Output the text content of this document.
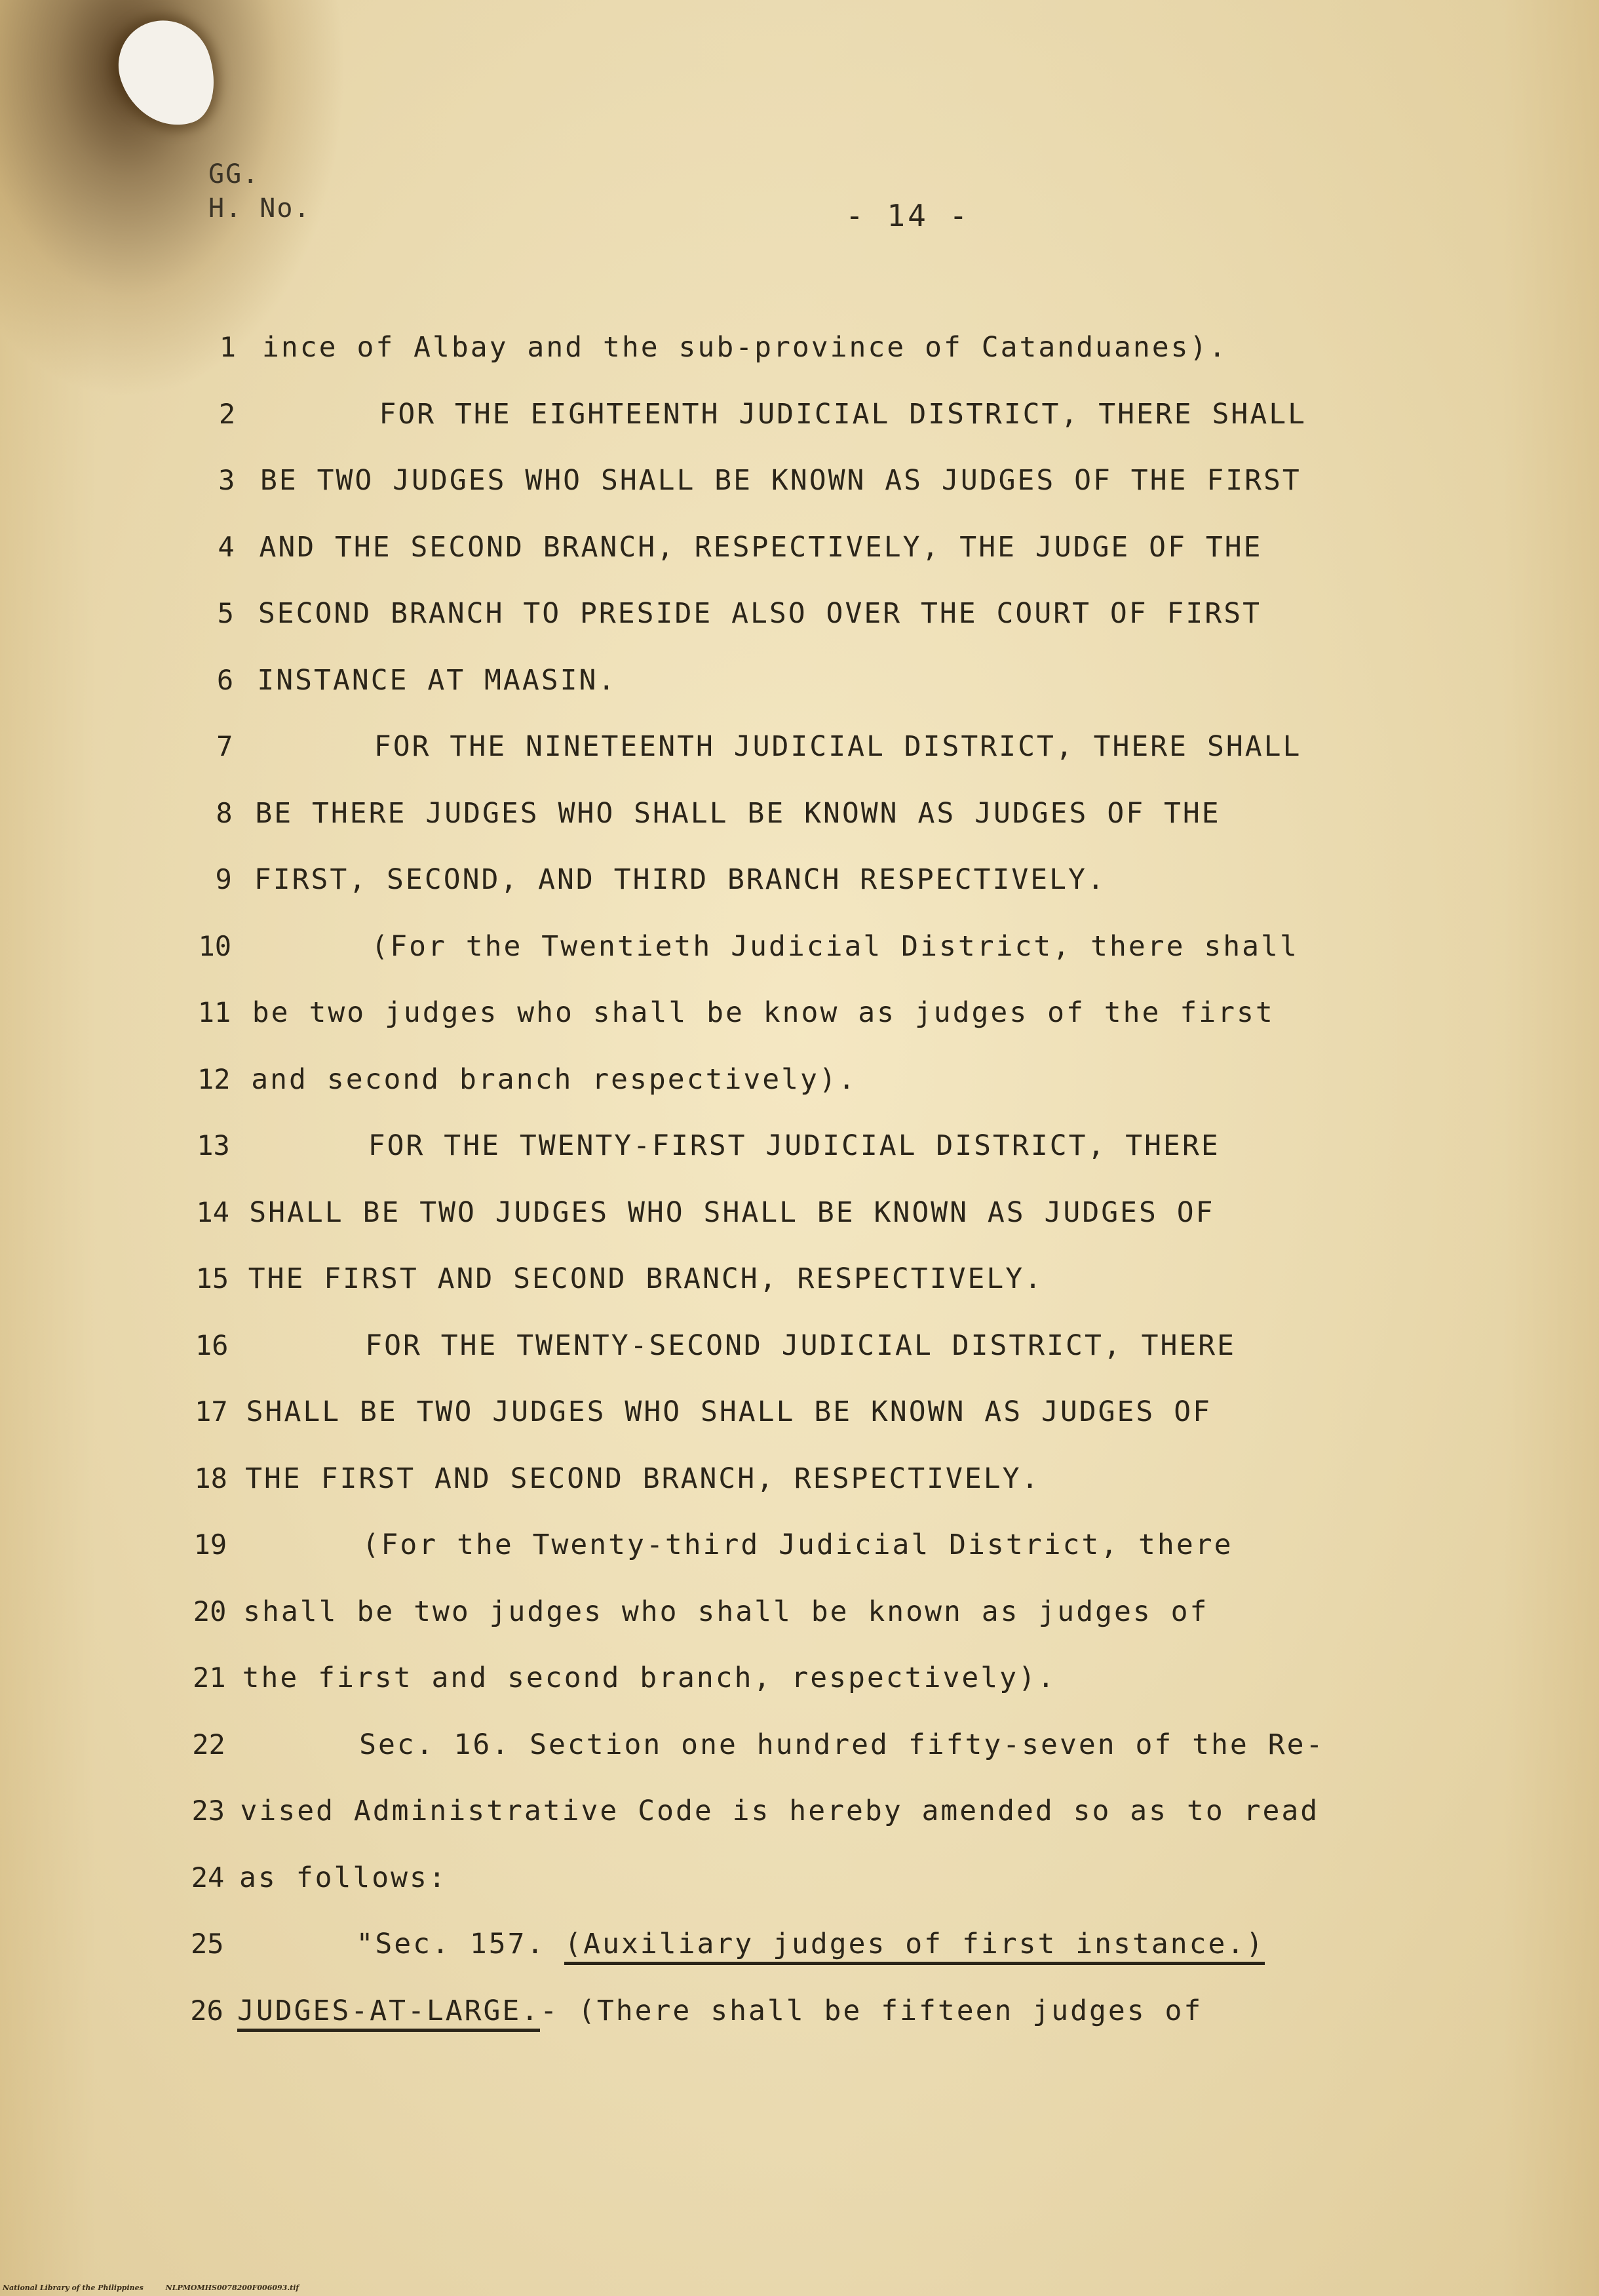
GG.
H. No.	- 14 -
1 ince of Albay and the sub-province of Catanduanes).
2	FOR THE EIGHTEENTH JUDICIAL DISTRICT, THERE SHALL
3 BE TWO JUDGES WHO SHALL BE KNOWN AS JUDGES OF THE FIRST
4 AND THE SECOND BRANCH, RESPECTIVELY, THE JUDGE OF THE
5 SECOND BRANCH TO PRESIDE ALSO OVER THE COURT OF FIRST
6 INSTANCE AT MAASIN.
7	FOR THE NINETEENTH JUDICIAL DISTRICT, THERE SHALL
8 BE THERE JUDGES WHO SHALL BE KNOWN AS JUDGES OF THE
9 FIRST, SECOND, AND THIRD BRANCH RESPECTIVELY.
10	(For the Twentieth Judicial District, there shall
11 be two judges who shall be know as judges of the first
12 and second branch respectively).
13	FOR THE TWENTY-FIRST JUDICIAL DISTRICT, THERE
14 SHALL BE TWO JUDGES WHO SHALL BE KNOWN AS JUDGES OF
15 THE FIRST AND SECOND BRANCH, RESPECTIVELY.
16	FOR THE TWENTY-SECOND JUDICIAL DISTRICT, THERE
17 SHALL BE TWO JUDGES WHO SHALL BE KNOWN AS JUDGES OF
18 THE FIRST AND SECOND BRANCH, RESPECTIVELY.
19	(For the Twenty-third Judicial District, there
20 shall be two judges who shall be known as judges of
21 the first and second branch, respectively).
22	Sec. 16. Section one hundred fifty-seven of the Re-
23 vised Administrative Code is hereby amended so as to read
24 as follows:
25	"Sec. 157. (Auxiliary judges of first instance.)
26 JUDGES-AT-LARGE.- (There shall be fifteen judges of
National Library of the Philippines	NLPMOMHS0078200F006093.tif
